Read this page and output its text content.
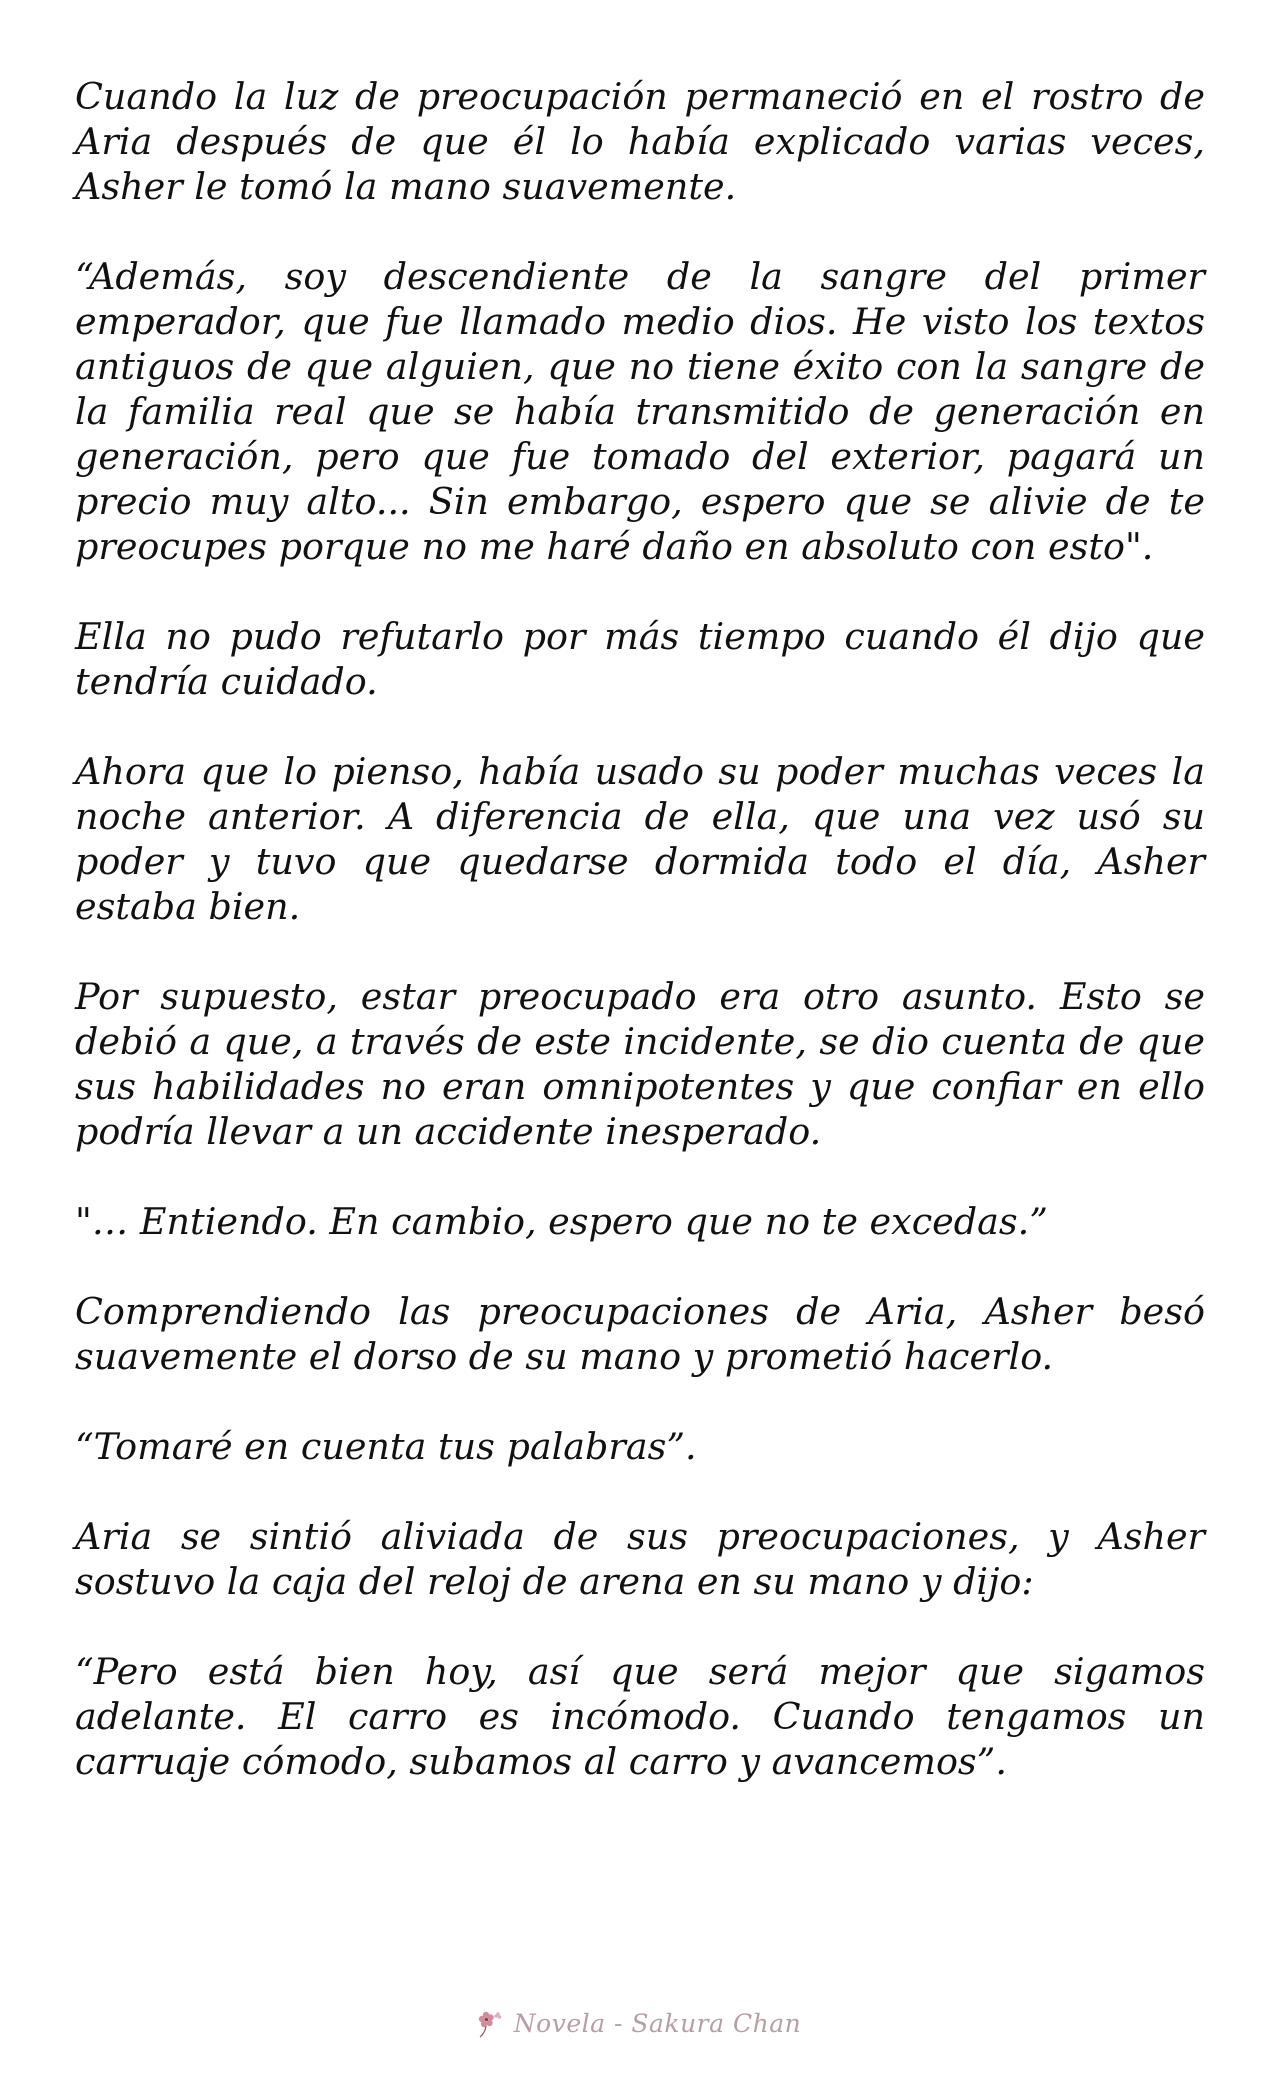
Cuando la luz de preocupación permaneció en el rostro de Aria después de que él lo había explicado varias veces, Asher le tomó la mano suavemente.

“Además, soy descendiente de la sangre del primer emperador, que fue llamado medio dios. He visto los textos antiguos de que alguien, que no tiene éxito con la sangre de la familia real que se había transmitido de generación en generación, pero que fue tomado del exterior, pagará un precio muy alto... Sin embargo, espero que se alivie de te preocupes porque no me haré daño en absoluto con esto".

Ella no pudo refutarlo por más tiempo cuando él dijo que tendría cuidado.

Ahora que lo pienso, había usado su poder muchas veces la noche anterior. A diferencia de ella, que una vez usó su poder y tuvo que quedarse dormida todo el día, Asher estaba bien.

Por supuesto, estar preocupado era otro asunto. Esto se debió a que, a través de este incidente, se dio cuenta de que sus habilidades no eran omnipotentes y que confiar en ello podría llevar a un accidente inesperado.

"… Entiendo. En cambio, espero que no te excedas.”

Comprendiendo las preocupaciones de Aria, Asher besó suavemente el dorso de su mano y prometió hacerlo.

“Tomaré en cuenta tus palabras”.

Aria se sintió aliviada de sus preocupaciones, y Asher sostuvo la caja del reloj de arena en su mano y dijo:

“Pero está bien hoy, así que será mejor que sigamos adelante. El carro es incómodo. Cuando tengamos un carruaje cómodo, subamos al carro y avancemos”.

Novela - Sakura Chan
